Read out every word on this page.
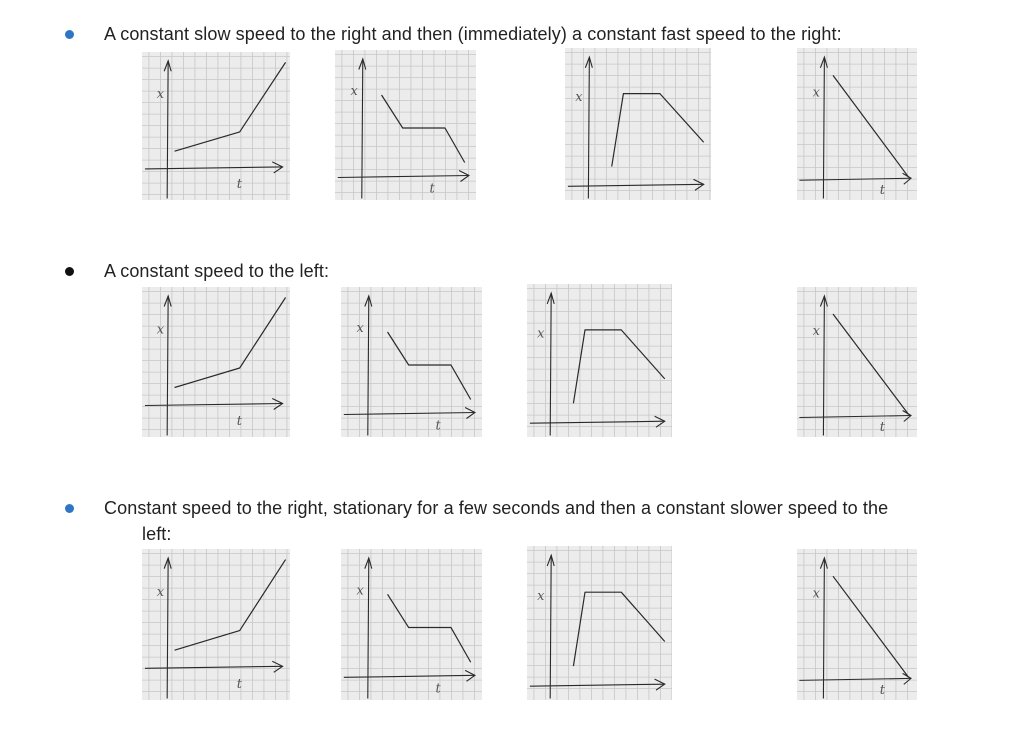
A constant slow speed to the right and then (immediately) a constant fast speed to the right:
A constant speed to the left:
Constant speed to the right, stationary for a few seconds and then a constant slower speed to the
left:
x
t
x
t
x	x
t
x
t
x
t
x	x
t
x
t
x
t
x	x
t
